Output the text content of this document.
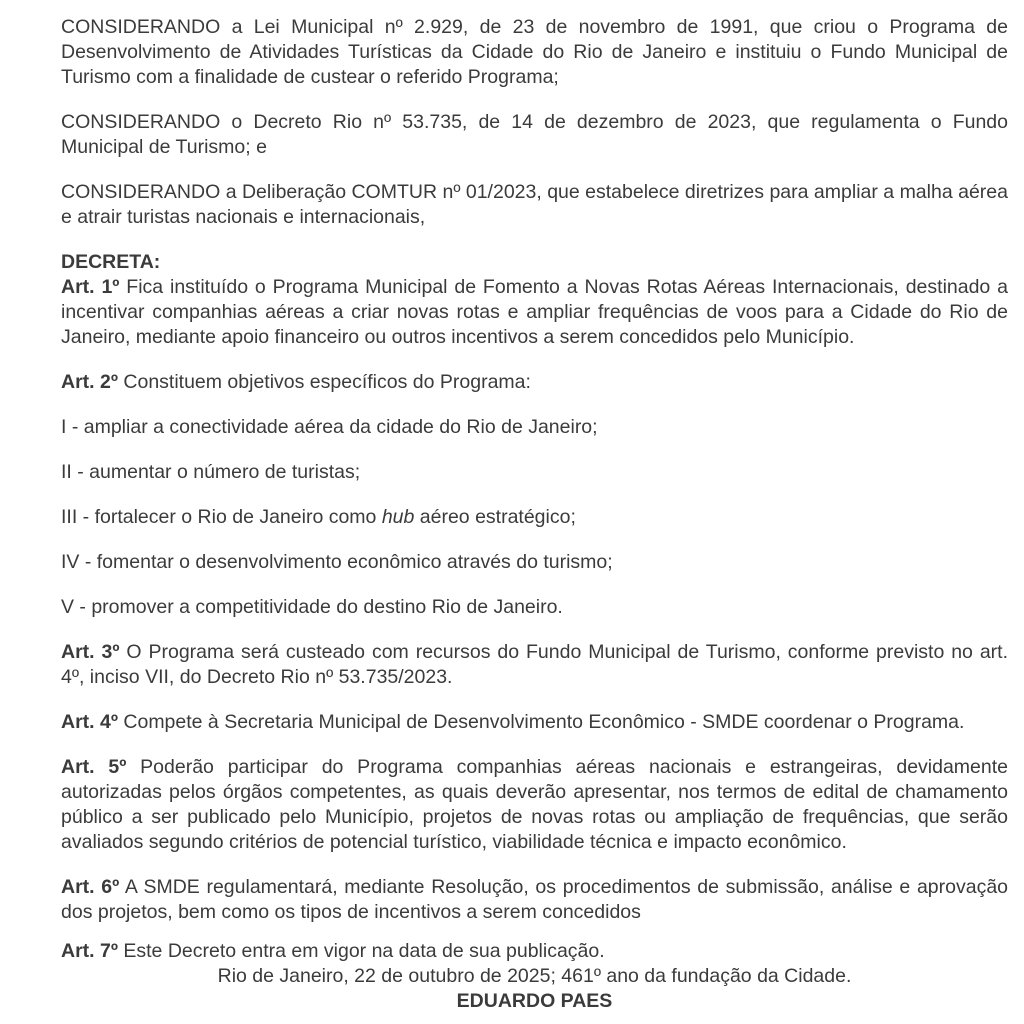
CONSIDERANDO a Lei Municipal nº 2.929, de 23 de novembro de 1991, que criou o Programa de Desenvolvimento de Atividades Turísticas da Cidade do Rio de Janeiro e instituiu o Fundo Municipal de Turismo com a finalidade de custear o referido Programa;

CONSIDERANDO o Decreto Rio nº 53.735, de 14 de dezembro de 2023, que regulamenta o Fundo Municipal de Turismo; e

CONSIDERANDO a Deliberação COMTUR nº 01/2023, que estabelece diretrizes para ampliar a malha aérea e atrair turistas nacionais e internacionais,

DECRETA:

Art. 1º Fica instituído o Programa Municipal de Fomento a Novas Rotas Aéreas Internacionais, destinado a incentivar companhias aéreas a criar novas rotas e ampliar frequências de voos para a Cidade do Rio de Janeiro, mediante apoio financeiro ou outros incentivos a serem concedidos pelo Município.

Art. 2º Constituem objetivos específicos do Programa:

I - ampliar a conectividade aérea da cidade do Rio de Janeiro;

II - aumentar o número de turistas;

III - fortalecer o Rio de Janeiro como hub aéreo estratégico;

IV - fomentar o desenvolvimento econômico através do turismo;

V - promover a competitividade do destino Rio de Janeiro.

Art. 3º O Programa será custeado com recursos do Fundo Municipal de Turismo, conforme previsto no art. 4º, inciso VII, do Decreto Rio nº 53.735/2023.

Art. 4º Compete à Secretaria Municipal de Desenvolvimento Econômico - SMDE coordenar o Programa.

Art. 5º Poderão participar do Programa companhias aéreas nacionais e estrangeiras, devidamente autorizadas pelos órgãos competentes, as quais deverão apresentar, nos termos de edital de chamamento público a ser publicado pelo Município, projetos de novas rotas ou ampliação de frequências, que serão avaliados segundo critérios de potencial turístico, viabilidade técnica e impacto econômico.

Art. 6º A SMDE regulamentará, mediante Resolução, os procedimentos de submissão, análise e aprovação dos projetos, bem como os tipos de incentivos a serem concedidos

Art. 7º Este Decreto entra em vigor na data de sua publicação.

Rio de Janeiro, 22 de outubro de 2025; 461º ano da fundação da Cidade.

EDUARDO PAES
